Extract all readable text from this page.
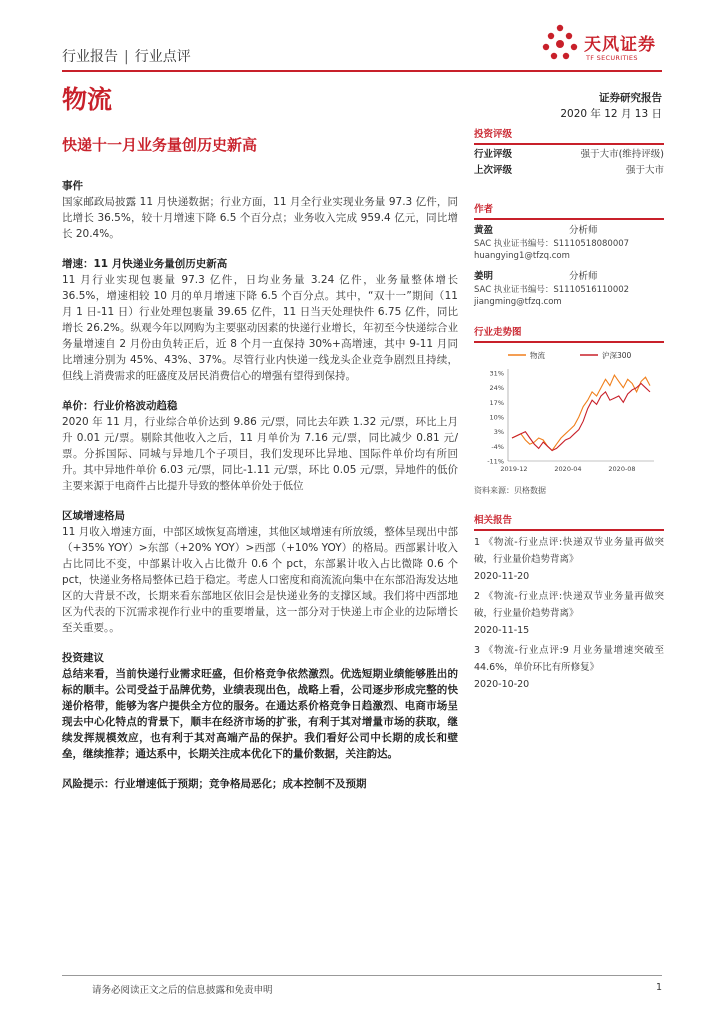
行业报告 | 行业点评
天风证券
TF SECURITIES
物流	证券研究报告
2020 年 12 月 13 日
快递十一月业务量创历史新高
事件
国家邮政局披露 11 月快递数据；行业方面，11 月全行业实现业务量 97.3 亿件，同比增长 36.5%，较十月增速下降 6.5 个百分点；业务收入完成 959.4 亿元，同比增长 20.4%。
增速：11 月快递业务量创历史新高
11 月行业实现包裹量 97.3 亿件，日均业务量 3.24 亿件，业务量整体增长 36.5%，增速相较 10 月的单月增速下降 6.5 个百分点。其中，“双十一”期间（11 月 1 日-11 日）行业处理包裹量 39.65 亿件，11 日当天处理快件 6.75 亿件，同比增长 26.2%。纵观今年以网购为主要驱动因素的快递行业增长，年初至今快递综合业务量增速自 2 月份由负转正后，近 8 个月一直保持 30%+高增速，其中 9-11 月同比增速分别为 45%、43%、37%。尽管行业内快递一线龙头企业竞争剧烈且持续，但线上消费需求的旺盛度及居民消费信心的增强有望得到保持。
单价：行业价格波动趋稳
2020 年 11 月，行业综合单价达到 9.86 元/票，同比去年跌 1.32 元/票，环比上月升 0.01 元/票。剔除其他收入之后，11 月单价为 7.16 元/票，同比减少 0.81 元/票。分拆国际、同城与异地几个子项目，我们发现环比异地、国际件单价均有所回升。其中异地件单价 6.03 元/票，同比-1.11 元/票，环比 0.05 元/票，异地件的低价主要来源于电商件占比提升导致的整体单价处于低位
区域增速格局
11 月收入增速方面，中部区域恢复高增速，其他区域增速有所放缓，整体呈现出中部（+35% YOY）>东部（+20% YOY）>西部（+10% YOY）的格局。西部累计收入占比同比不变，中部累计收入占比微升 0.6 个 pct，东部累计收入占比微降 0.6 个 pct，快递业务格局整体已趋于稳定。考虑人口密度和商流流向集中在东部沿海发达地区的大背景不改，长期来看东部地区依旧会是快递业务的支撑区域。我们将中西部地区为代表的下沉需求视作行业中的重要增量，这一部分对于快递上市企业的边际增长至关重要。。
投资建议
总结来看，当前快递行业需求旺盛，但价格竞争依然激烈。优选短期业绩能够胜出的标的顺丰。公司受益于品牌优势，业绩表现出色，战略上看，公司逐步形成完整的快递价格带，能够为客户提供全方位的服务。在通达系价格竞争日趋激烈、电商市场呈现去中心化特点的背景下，顺丰在经济市场的扩张，有利于其对增量市场的获取，继续发挥规模效应，也有利于其对高端产品的保护。我们看好公司中长期的成长和壁垒，继续推荐；通达系中，长期关注成本优化下的量价数据，关注韵达。
风险提示：行业增速低于预期；竞争格局恶化；成本控制不及预期
投资评级
行业评级	强于大市(维持评级)
上次评级	强于大市
作者
黄盈	分析师
SAC 执业证书编号：S1110518080007
huangying1@tfzq.com
姜明	分析师
SAC 执业证书编号：S1110516110002
jiangming@tfzq.com
行业走势图
物流	沪深300
31%
24%
17%
10%
3%
-4%
-11%
2019-12	2020-04	2020-08
资料来源：贝格数据
相关报告
1 《物流-行业点评:快递双节业务量再做突破，行业量价趋势背离》
2020-11-20
2 《物流-行业点评:快递双节业务量再做突破，行业量价趋势背离》
2020-11-15
3 《物流-行业点评:9 月业务量增速突破至 44.6%，单价环比有所修复》
2020-10-20
请务必阅读正文之后的信息披露和免责申明	1
